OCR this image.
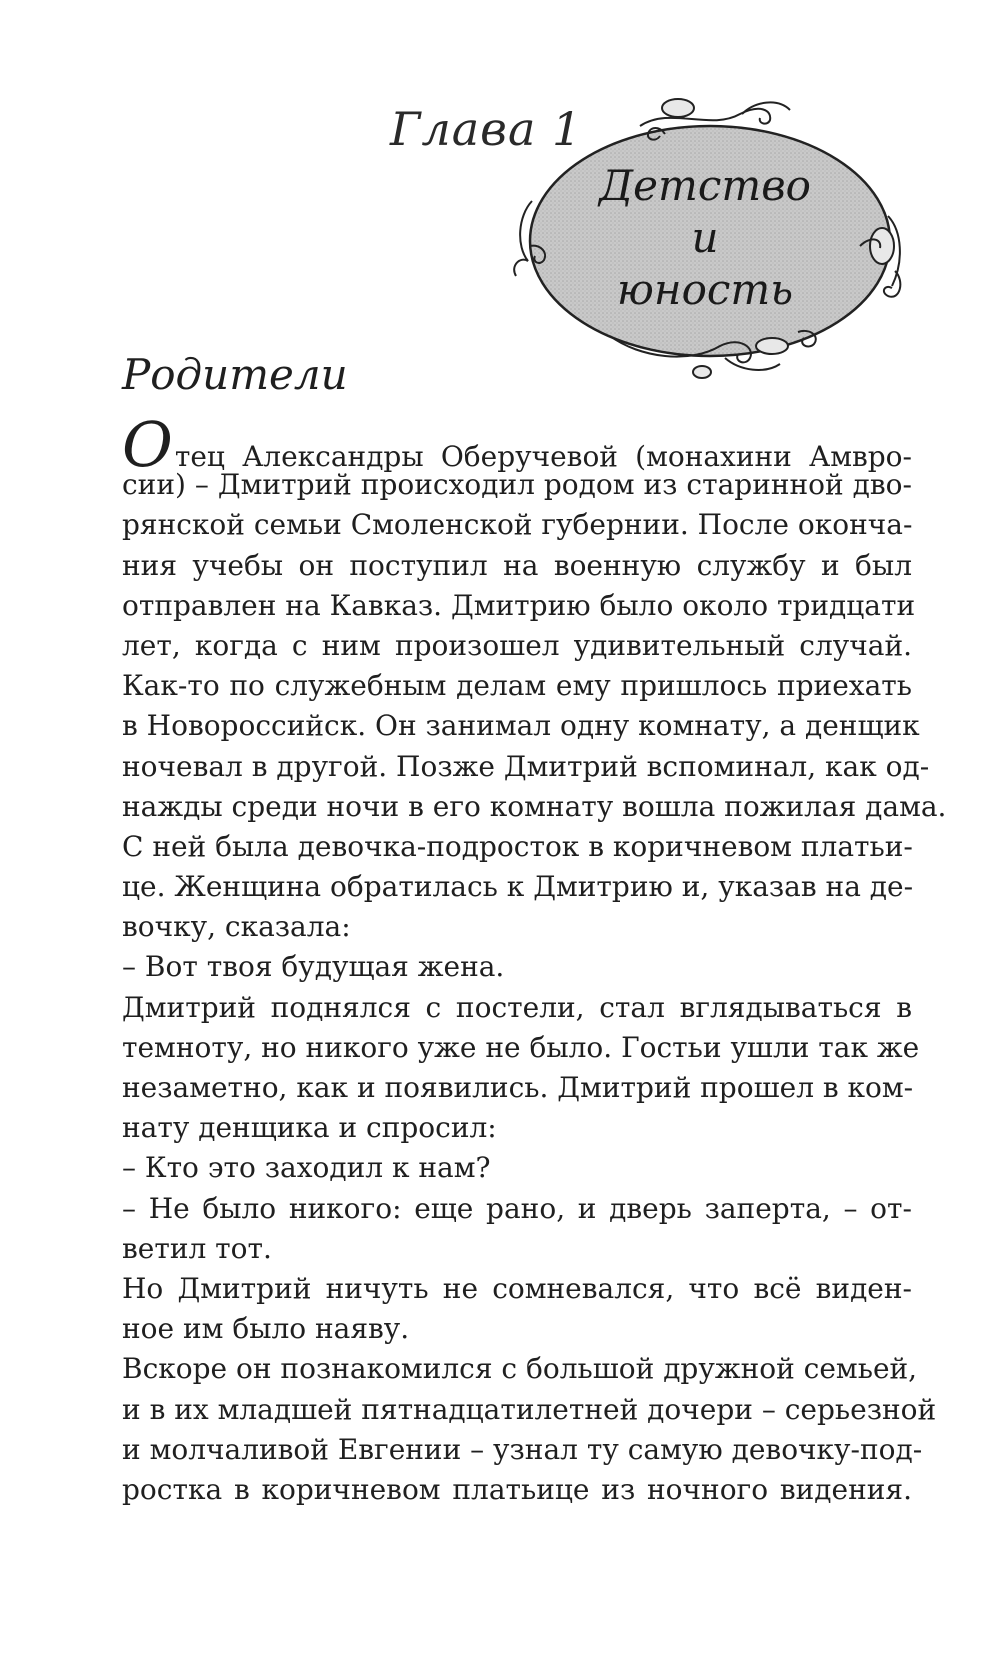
Глава 1
Детство
и
юность
Родители
Отец Александры Оберучевой (монахини Амвро-
сии) – Дмитрий происходил родом из старинной дво-
рянской семьи Смоленской губернии. После оконча-
ния учебы он поступил на военную службу и был
отправлен на Кавказ. Дмитрию было около тридцати
лет, когда с ним произошел удивительный случай.
Как-то по служебным делам ему пришлось приехать
в Новороссийск. Он занимал одну комнату, а денщик
ночевал в другой. Позже Дмитрий вспоминал, как од-
нажды среди ночи в его комнату вошла пожилая дама.
С ней была девочка-подросток в коричневом платьи-
це. Женщина обратилась к Дмитрию и, указав на де-
вочку, сказала:
– Вот твоя будущая жена.
Дмитрий поднялся с постели, стал вглядываться в
темноту, но никого уже не было. Гостьи ушли так же
незаметно, как и появились. Дмитрий прошел в ком-
нату денщика и спросил:
– Кто это заходил к нам?
– Не было никого: еще рано, и дверь заперта, – от-
ветил тот.
Но Дмитрий ничуть не сомневался, что всё виден-
ное им было наяву.
Вскоре он познакомился с большой дружной семьей,
и в их младшей пятнадцатилетней дочери – серьезной
и молчаливой Евгении – узнал ту самую девочку-под-
ростка в коричневом платьице из ночного видения.
